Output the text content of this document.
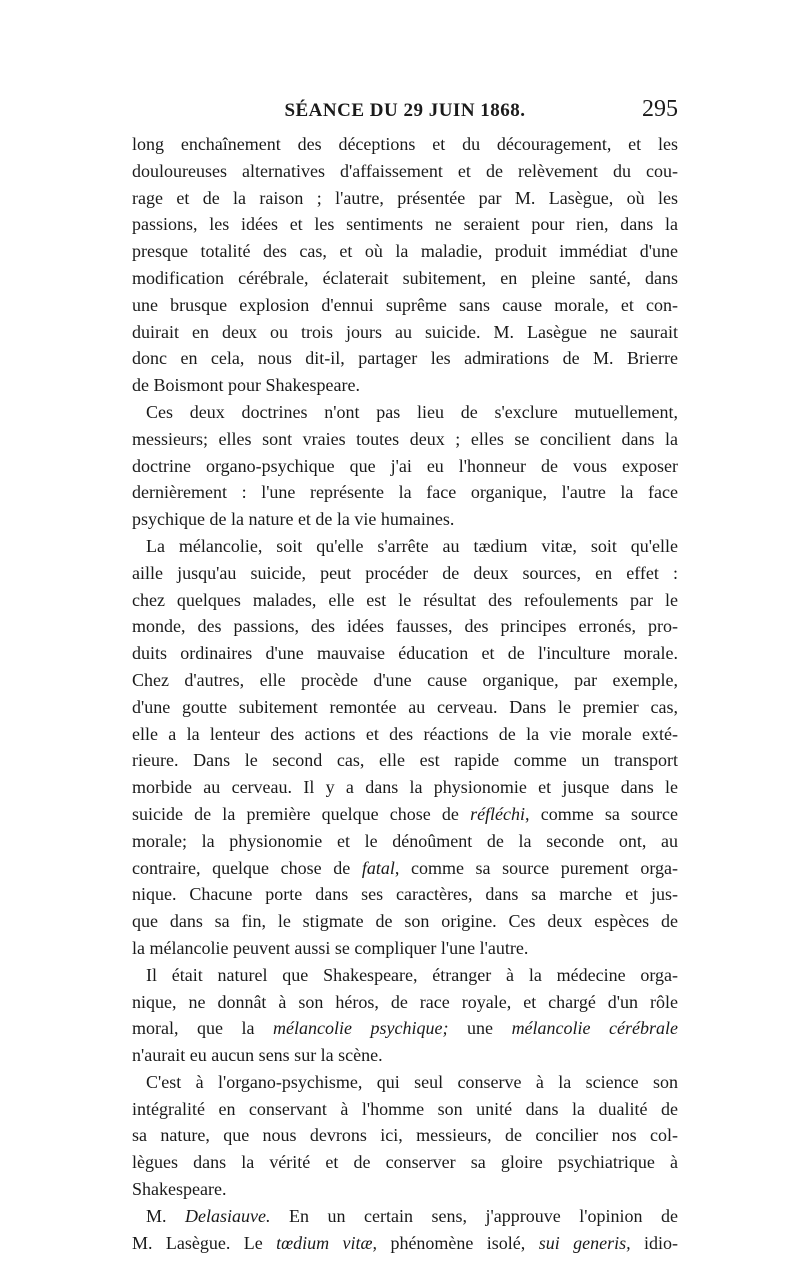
SÉANCE DU 29 JUIN 1868.	295
long enchaînement des déceptions et du découragement, et les
douloureuses alternatives d'affaissement et de relèvement du cou-
rage et de la raison ; l'autre, présentée par M. Lasègue, où les
passions, les idées et les sentiments ne seraient pour rien, dans la
presque totalité des cas, et où la maladie, produit immédiat d'une
modification cérébrale, éclaterait subitement, en pleine santé, dans
une brusque explosion d'ennui suprême sans cause morale, et con-
duirait en deux ou trois jours au suicide. M. Lasègue ne saurait
donc en cela, nous dit-il, partager les admirations de M. Brierre
de Boismont pour Shakespeare.
Ces deux doctrines n'ont pas lieu de s'exclure mutuellement,
messieurs; elles sont vraies toutes deux ; elles se concilient dans la
doctrine organo-psychique que j'ai eu l'honneur de vous exposer
dernièrement : l'une représente la face organique, l'autre la face
psychique de la nature et de la vie humaines.
La mélancolie, soit qu'elle s'arrête au tædium vitæ, soit qu'elle
aille jusqu'au suicide, peut procéder de deux sources, en effet :
chez quelques malades, elle est le résultat des refoulements par le
monde, des passions, des idées fausses, des principes erronés, pro-
duits ordinaires d'une mauvaise éducation et de l'inculture morale.
Chez d'autres, elle procède d'une cause organique, par exemple,
d'une goutte subitement remontée au cerveau. Dans le premier cas,
elle a la lenteur des actions et des réactions de la vie morale exté-
rieure. Dans le second cas, elle est rapide comme un transport
morbide au cerveau. Il y a dans la physionomie et jusque dans le
suicide de la première quelque chose de réfléchi, comme sa source
morale; la physionomie et le dénoûment de la seconde ont, au
contraire, quelque chose de fatal, comme sa source purement orga-
nique. Chacune porte dans ses caractères, dans sa marche et jus-
que dans sa fin, le stigmate de son origine. Ces deux espèces de
la mélancolie peuvent aussi se compliquer l'une l'autre.
Il était naturel que Shakespeare, étranger à la médecine orga-
nique, ne donnât à son héros, de race royale, et chargé d'un rôle
moral, que la mélancolie psychique; une mélancolie cérébrale
n'aurait eu aucun sens sur la scène.
C'est à l'organo-psychisme, qui seul conserve à la science son
intégralité en conservant à l'homme son unité dans la dualité de
sa nature, que nous devrons ici, messieurs, de concilier nos col-
lègues dans la vérité et de conserver sa gloire psychiatrique à
Shakespeare.
M. Delasiauve. En un certain sens, j'approuve l'opinion de
M. Lasègue. Le tœdium vitæ, phénomène isolé, sui generis, idio-
